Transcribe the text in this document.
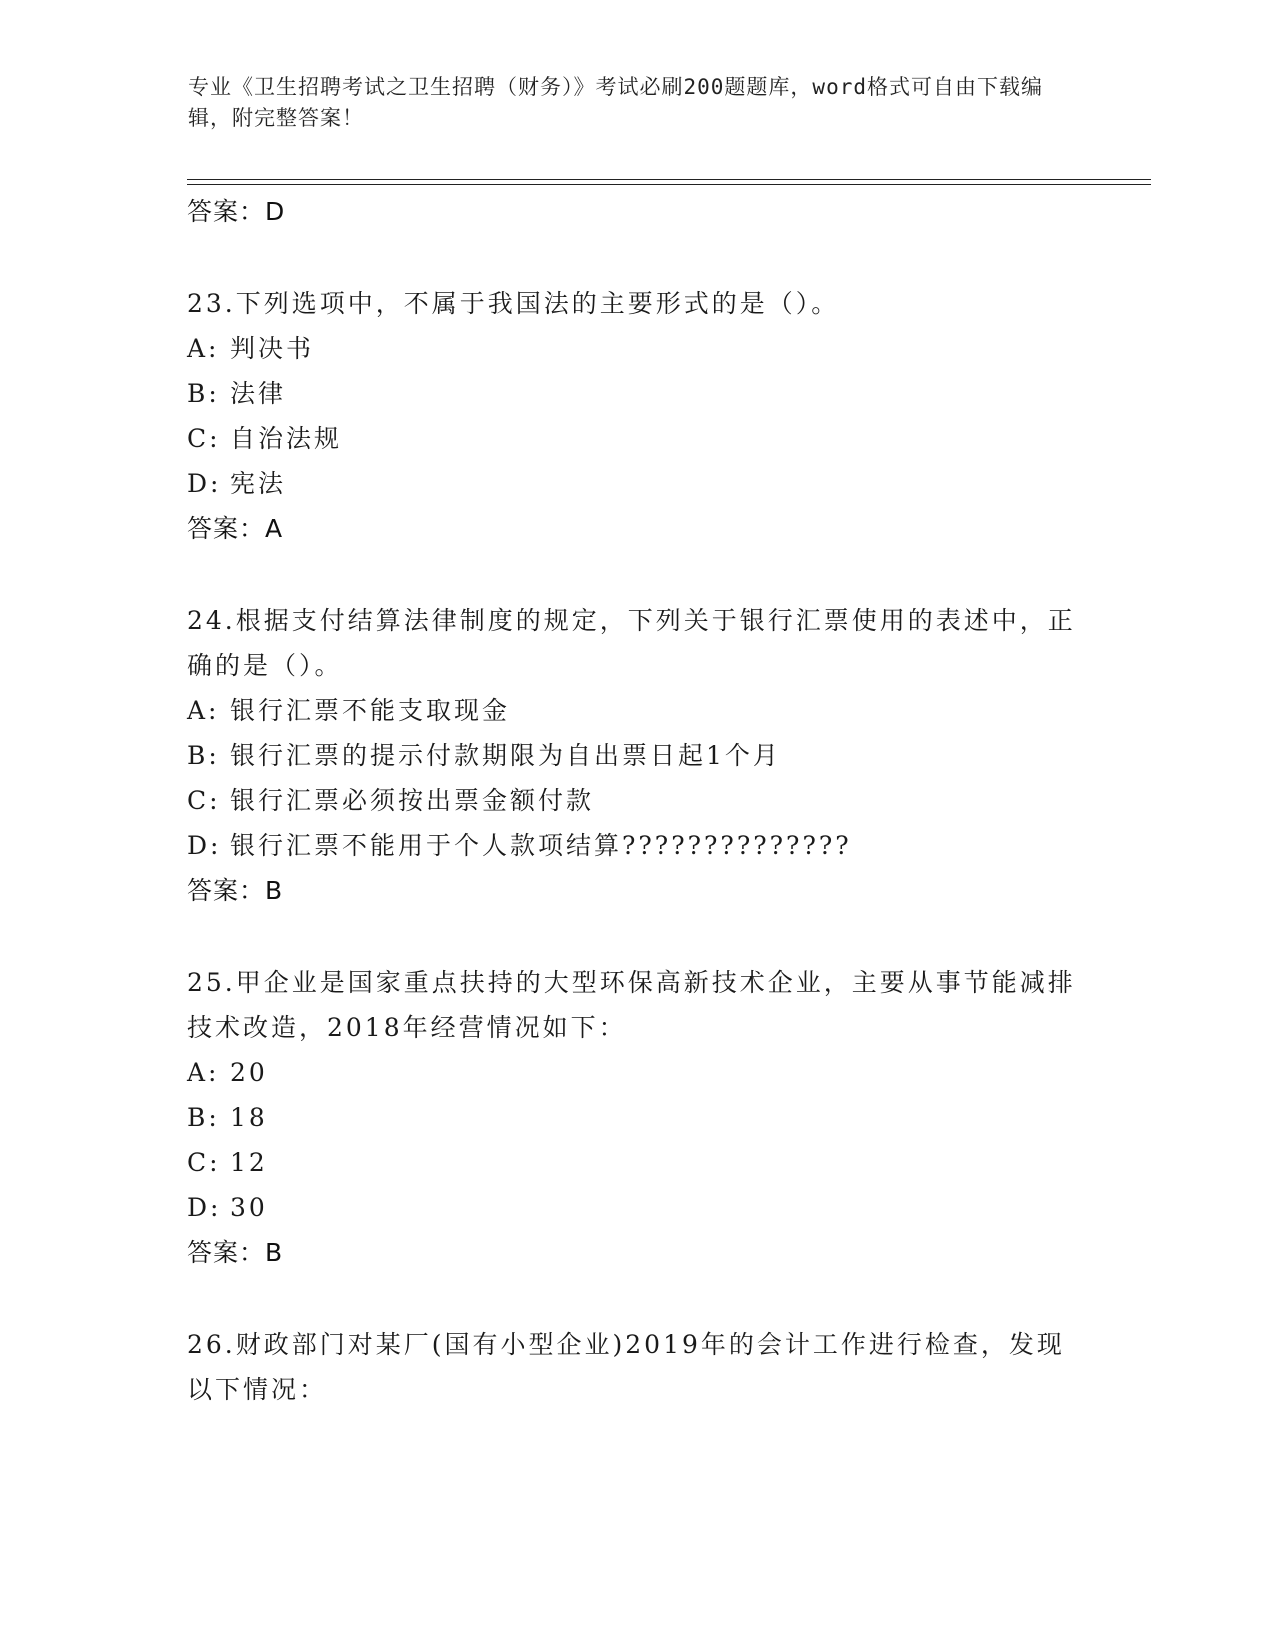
专业《卫生招聘考试之卫生招聘（财务）》考试必刷200题题库，word格式可自由下载编辑，附完整答案！
答案：D
23.下列选项中，不属于我国法的主要形式的是（）。
A: 判决书
B: 法律
C: 自治法规
D: 宪法
答案：A
24.根据支付结算法律制度的规定，下列关于银行汇票使用的表述中，正确的是（）。
A: 银行汇票不能支取现金
B: 银行汇票的提示付款期限为自出票日起1个月
C: 银行汇票必须按出票金额付款
D: 银行汇票不能用于个人款项结算??????????????
答案：B
25.甲企业是国家重点扶持的大型环保高新技术企业，主要从事节能减排技术改造，2018年经营情况如下：
A: 20
B: 18
C: 12
D: 30
答案：B
26.财政部门对某厂(国有小型企业)2019年的会计工作进行检查，发现以下情况：
